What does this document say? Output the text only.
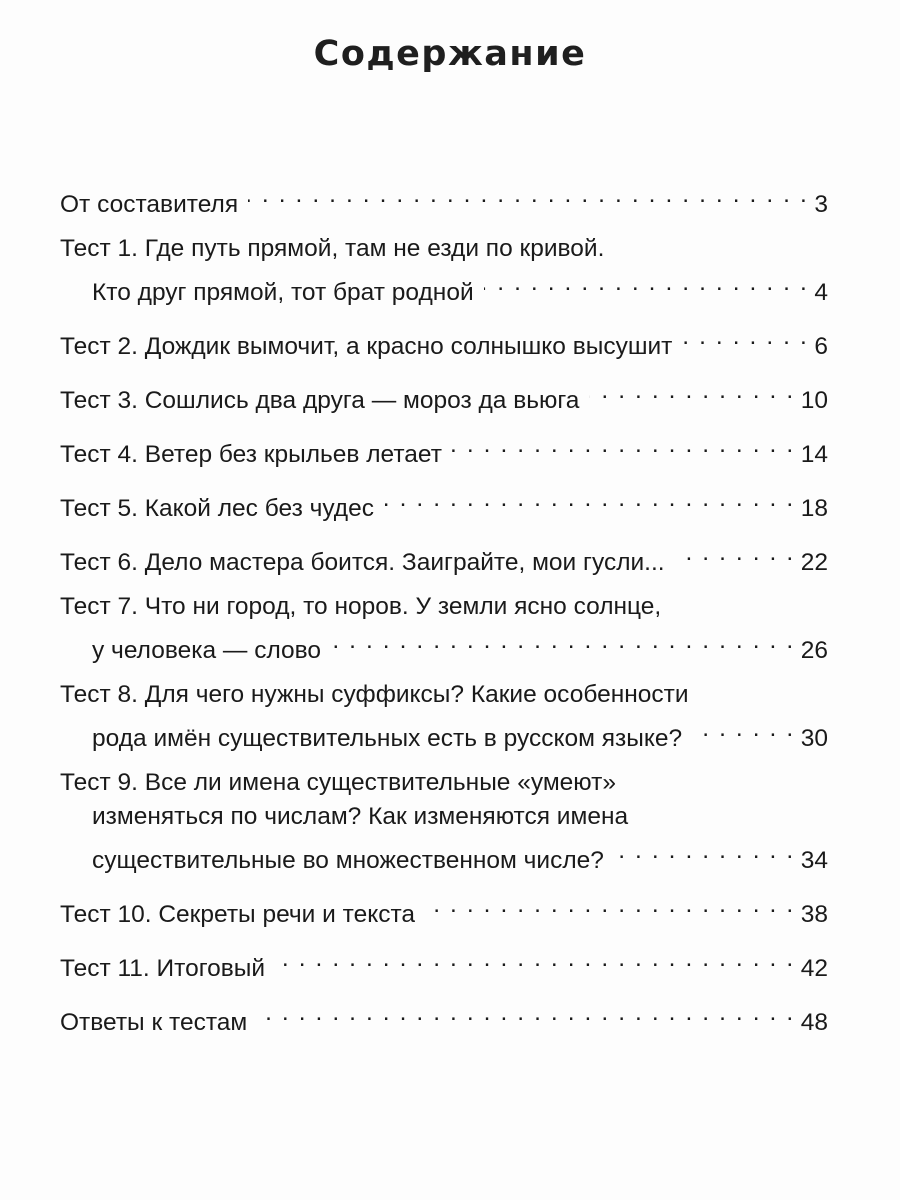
Содержание
От составителя . . .	3
Тест 1. Где путь прямой, там не езди по кривой.
Кто друг прямой, тот брат родной . . .	4
Тест 2. Дождик вымочит, а красно солнышко высушит . . .	6
Тест 3. Сошлись два друга — мороз да вьюга . . .	10
Тест 4. Ветер без крыльев летает . . .	14
Тест 5. Какой лес без чудес . . .	18
Тест 6. Дело мастера боится. Заиграйте, мои гусли... . . .	22
Тест 7. Что ни город, то норов. У земли ясно солнце,
у человека — слово . . .	26
Тест 8. Для чего нужны суффиксы? Какие особенности
рода имён существительных есть в русском языке? . . .	30
Тест 9. Все ли имена существительные «умеют»
изменяться по числам? Как изменяются имена
существительные во множественном числе? . . .	34
Тест 10. Секреты речи и текста . . .	38
Тест 11. Итоговый . . .	42
Ответы к тестам . . .	48
